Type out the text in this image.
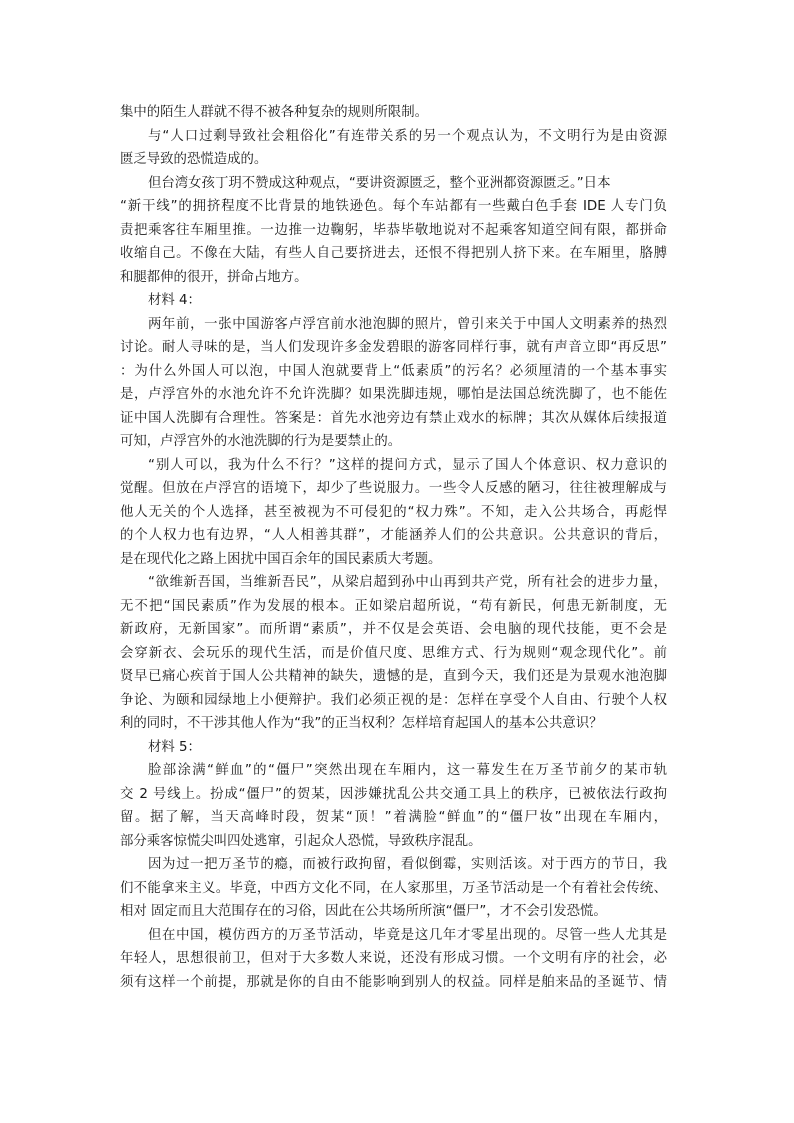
集中的陌生人群就不得不被各种复杂的规则所限制。
与“人口过剩导致社会粗俗化”有连带关系的另一个观点认为，不文明行为是由资源
匮乏导致的恐慌造成的。
但台湾女孩丁玥不赞成这种观点，“要讲资源匮乏，整个亚洲都资源匮乏。”日本
“新干线”的拥挤程度不比背景的地铁逊色。每个车站都有一些戴白色手套 IDE 人专门负
责把乘客往车厢里推。一边推一边鞠躬，毕恭毕敬地说对不起乘客知道空间有限，都拼命
收缩自己。不像在大陆，有些人自己要挤进去，还恨不得把别人挤下来。在车厢里，胳膊
和腿都伸的很开，拼命占地方。
材料 4：
两年前，一张中国游客卢浮宫前水池泡脚的照片，曾引来关于中国人文明素养的热烈
讨论。耐人寻味的是，当人们发现许多金发碧眼的游客同样行事，就有声音立即“再反思”
：为什么外国人可以泡，中国人泡就要背上“低素质”的污名？必须厘清的一个基本事实
是，卢浮宫外的水池允许不允许洗脚？如果洗脚违规，哪怕是法国总统洗脚了，也不能佐
证中国人洗脚有合理性。答案是：首先水池旁边有禁止戏水的标牌；其次从媒体后续报道
可知，卢浮宫外的水池洗脚的行为是要禁止的。
“别人可以，我为什么不行？”这样的提问方式，显示了国人个体意识、权力意识的
觉醒。但放在卢浮宫的语境下，却少了些说服力。一些令人反感的陋习，往往被理解成与
他人无关的个人选择，甚至被视为不可侵犯的“权力殊”。不知，走入公共场合，再彪悍
的个人权力也有边界，“人人相善其群”，才能涵养人们的公共意识。公共意识的背后，
是在现代化之路上困扰中国百余年的国民素质大考题。
“欲维新吾国，当维新吾民”，从梁启超到孙中山再到共产党，所有社会的进步力量，
无不把“国民素质”作为发展的根本。正如梁启超所说，“苟有新民，何患无新制度，无
新政府，无新国家”。而所谓“素质”，并不仅是会英语、会电脑的现代技能，更不会是
会穿新衣、会玩乐的现代生活，而是价值尺度、思维方式、行为规则“观念现代化”。前
贤早已痛心疾首于国人公共精神的缺失，遗憾的是，直到今天，我们还是为景观水池泡脚
争论、为颐和园绿地上小便辩护。我们必须正视的是：怎样在享受个人自由、行驶个人权
利的同时，不干涉其他人作为“我”的正当权利？怎样培育起国人的基本公共意识？
材料 5：
脸部涂满“鲜血”的“僵尸”突然出现在车厢内，这一幕发生在万圣节前夕的某市轨
交 2 号线上。扮成“僵尸”的贺某，因涉嫌扰乱公共交通工具上的秩序，已被依法行政拘
留。据了解，当天高峰时段，贺某“顶！”着满脸“鲜血”的“僵尸妆”出现在车厢内，
部分乘客惊慌尖叫四处逃窜，引起众人恐慌，导致秩序混乱。
因为过一把万圣节的瘾，而被行政拘留，看似倒霉，实则活该。对于西方的节日，我
们不能拿来主义。毕竟，中西方文化不同，在人家那里，万圣节活动是一个有着社会传统、
相对 固定而且大范围存在的习俗，因此在公共场所所演“僵尸”，才不会引发恐慌。
但在中国，模仿西方的万圣节活动，毕竟是这几年才零星出现的。尽管一些人尤其是
年轻人，思想很前卫，但对于大多数人来说，还没有形成习惯。一个文明有序的社会，必
须有这样一个前提，那就是你的自由不能影响到别人的权益。同样是舶来品的圣诞节、情
